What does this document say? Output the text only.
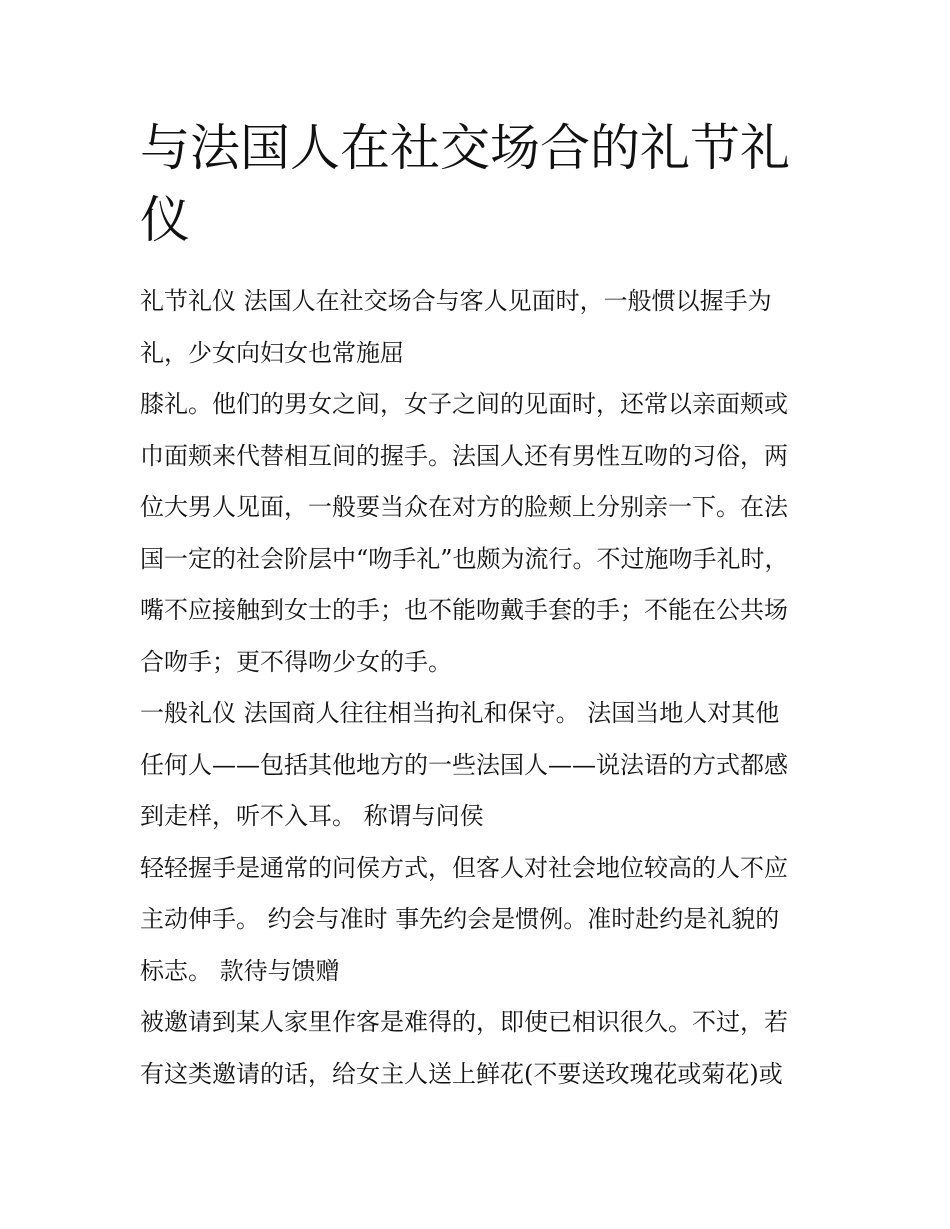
与法国人在社交场合的礼节礼仪
礼节礼仪 法国人在社交场合与客人见面时，一般惯以握手为
礼，少女向妇女也常施屈
膝礼。他们的男女之间，女子之间的见面时，还常以亲面颊或
巾面颊来代替相互间的握手。法国人还有男性互吻的习俗，两
位大男人见面，一般要当众在对方的脸颊上分别亲一下。在法
国一定的社会阶层中“吻手礼”也颇为流行。不过施吻手礼时，
嘴不应接触到女士的手；也不能吻戴手套的手；不能在公共场
合吻手；更不得吻少女的手。
一般礼仪 法国商人往往相当拘礼和保守。 法国当地人对其他
任何人——包括其他地方的一些法国人——说法语的方式都感
到走样，听不入耳。 称谓与问侯
轻轻握手是通常的问侯方式，但客人对社会地位较高的人不应
主动伸手。 约会与准时 事先约会是惯例。准时赴约是礼貌的
标志。 款待与馈赠
被邀请到某人家里作客是难得的，即使已相识很久。不过，若
有这类邀请的话，给女主人送上鲜花(不要送玫瑰花或菊花)或
